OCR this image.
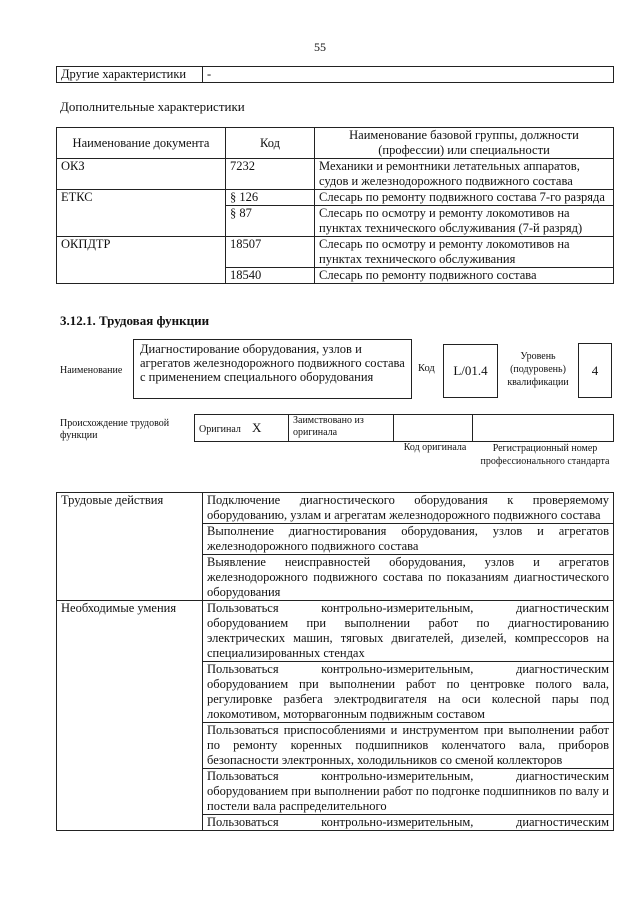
55
Другие характеристики	-
Дополнительные характеристики
Наименование документа	Код	Наименование базовой группы, должности (профессии) или специальности
ОКЗ	7232	Механики и ремонтники летательных аппаратов, судов и железнодорожного подвижного состава
ЕТКС	§ 126	Слесарь по ремонту подвижного состава 7-го разряда
	§ 87	Слесарь по осмотру и ремонту локомотивов на пунктах технического обслуживания (7-й разряд)
ОКПДТР	18507	Слесарь по осмотру и ремонту локомотивов на пунктах технического обслуживания
	18540	Слесарь по ремонту подвижного состава
3.12.1. Трудовая функции
Наименование
Диагностирование оборудования, узлов и агрегатов железнодорожного подвижного состава с применением специального оборудования
Код	L/01.4
Уровень (подуровень) квалификации
4
Происхождение трудовой функции
Оригинал X	Заимствовано из оригинала		
Код оригинала	Регистрационный номер профессионального стандарта
Трудовые действия	Подключение диагностического оборудования к проверяемому оборудованию, узлам и агрегатам железнодорожного подвижного состава
	Выполнение диагностирования оборудования, узлов и агрегатов железнодорожного подвижного состава
	Выявление неисправностей оборудования, узлов и агрегатов железнодорожного подвижного состава по показаниям диагностического оборудования
Необходимые умения	Пользоваться контрольно-измерительным, диагностическим оборудованием при выполнении работ по диагностированию электрических машин, тяговых двигателей, дизелей, компрессоров на специализированных стендах
	Пользоваться контрольно-измерительным, диагностическим оборудованием при выполнении работ по центровке полого вала, регулировке разбега электродвигателя на оси колесной пары под локомотивом, моторвагонным подвижным составом
	Пользоваться приспособлениями и инструментом при выполнении работ по ремонту коренных подшипников коленчатого вала, приборов безопасности электронных, холодильников со сменой коллекторов
	Пользоваться контрольно-измерительным, диагностическим оборудованием при выполнении работ по подгонке подшипников по валу и постели вала распределительного
	Пользоваться контрольно-измерительным, диагностическим
